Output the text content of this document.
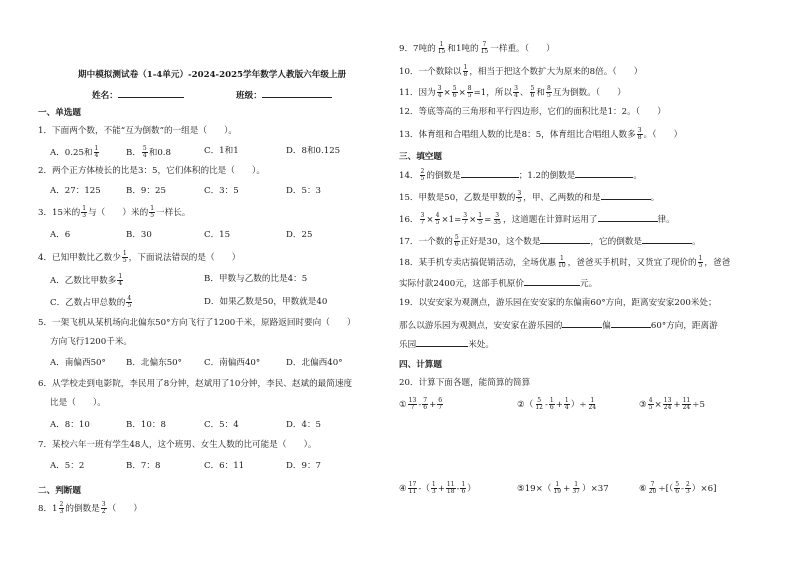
期中模拟测试卷（1-4单元）-2024-2025学年数学人教版六年级上册
姓名：	班级：
一、单选题
1．下面两个数，不能“互为倒数”的一组是（　　）。
A．0.25和 $\frac{1}{4}$	B． $\frac{5}{4}$ 和0.8	C．1和1	D．8和0.125
2．两个正方体棱长的比是3：5，它们体积的比是（　　）。
A．27：125	B．9：25	C．3：5	D．5：3
3．15米的 $\frac{1}{3}$ 与（　　）米的 $\frac{1}{5}$ 一样长。
A．6	B．30	C．15	D．25
4．已知甲数比乙数少 $\frac{1}{5}$ ，下面说法错误的是（　　）
A．乙数比甲数多 $\frac{1}{4}$	B．甲数与乙数的比是4：5
C．乙数占甲总数的 $\frac{4}{5}$	D．如果乙数是50，甲数就是40
5．一架飞机从某机场向北偏东50°方向飞行了1200千米，原路返回时要向（　　）
方向飞行1200千米。
A．南偏西50° B．北偏东50°	C．南偏西40°	D．北偏西40°
6．从学校走到电影院，李民用了8分钟，赵斌用了10分钟，李民、赵斌的最简速度
比是（　　）。
A．8：10	B．10：8	C．5：4	D．4：5
7．某校六年一班有学生48人，这个班男、女生人数的比可能是（　　）。
A．5：2	B．7：8	C．6：11	D．9：7
二、判断题
8．$1 \frac{2}{3}$ 的倒数是 $\frac{3}{2}$ （　　）
9．7吨的 $\frac{1}{15}$ 和1吨的 $\frac{7}{15}$ 一样重。（　　）
10．一个数除以 $\frac{1}{8}$ ，相当于把这个数扩大为原来的8倍。（　　）
11．因为 $\frac{3}{4} \times \frac{5}{6} \times \frac{8}{5} =1$，所以 $\frac{3}{4}$ 、 $\frac{5}{6}$ 和 $\frac{8}{5}$ 互为倒数。（　　）
12．等底等高的三角形和平行四边形，它们的面积比是1：2。（　　）
13．体育组和合唱组人数的比是8：5，体育组比合唱组人数多 $\frac{3}{8}$ 。（　　）
三、填空题
14． $\frac{2}{5}$ 的倒数是	；1.2的倒数是	。
15．甲数是50，乙数是甲数的 $\frac{3}{5}$ ，甲、乙两数的和是	。
16． $\frac{3}{7} \times \frac{4}{5} \times 1= \frac{3}{7} \times \frac{1}{5} = \frac{3}{35}$ ，这道题在计算时运用了	律。
17．一个数的 $\frac{5}{6}$ 正好是30，这个数是	，它的倒数是	。
18．某手机专卖店搞促销活动，全场优惠 $\frac{1}{10}$ ，爸爸买手机时，又货宜了现价的 $\frac{1}{5}$ ，爸爸
实际付款2400元，这部手机原价	元。
19．以安安家为观测点，游乐园在安安家的东偏南60°方向，距离安安家200米处；
那么以游乐园为观测点，安安家在游乐园的	偏	60°方向，距离游
乐园	米处。
四、计算题
20．计算下面各题，能简算的简算
① $\frac{13}{7} - \frac{7}{6} + \frac{6}{7}$	②（ $\frac{5}{12} - \frac{1}{6} + \frac{1}{4}$ ）÷ $\frac{1}{24}$	③ $\frac{4}{5} \times \frac{13}{24} + \frac{11}{24} \div 5$
④ $\frac{17}{11}$ -（ $\frac{1}{3} + \frac{11}{18} - \frac{1}{6}$ ）	⑤19×（ $\frac{1}{19} + \frac{1}{37} )\times 37$	⑥ $\frac{7}{20}$ ÷[（ $\frac{5}{6} - \frac{2}{3} )\times 6$]
